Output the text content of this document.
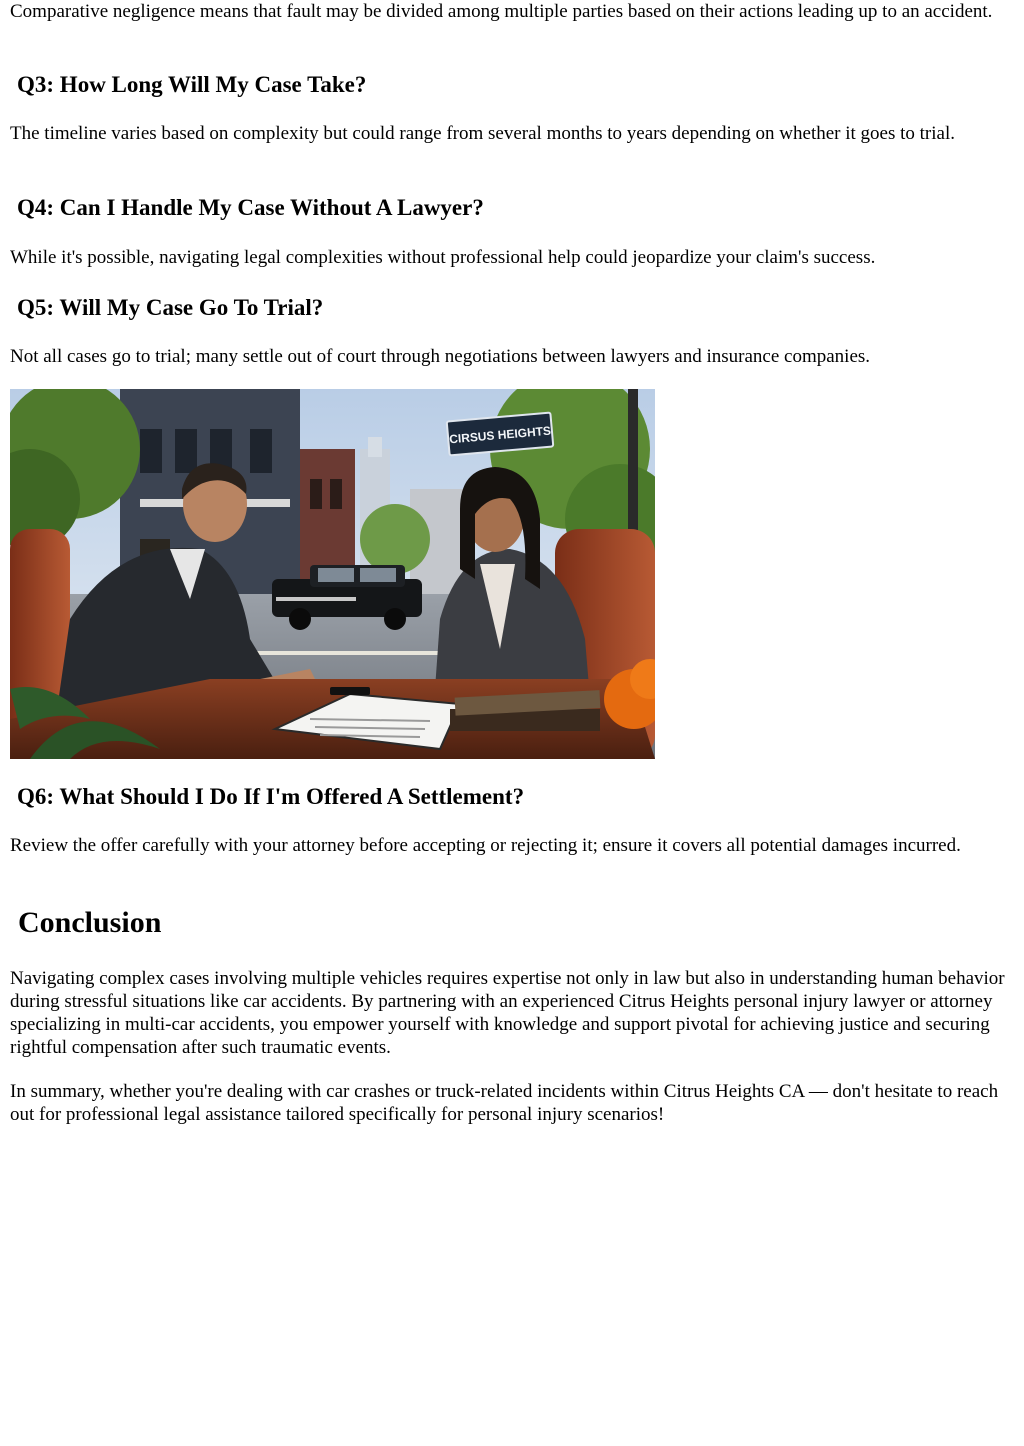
Comparative negligence means that fault may be divided among multiple parties based on their actions leading up to an accident.

Q3: How Long Will My Case Take?

The timeline varies based on complexity but could range from several months to years depending on whether it goes to trial.

Q4: Can I Handle My Case Without A Lawyer?

While it's possible, navigating legal complexities without professional help could jeopardize your claim's success.

Q5: Will My Case Go To Trial?

Not all cases go to trial; many settle out of court through negotiations between lawyers and insurance companies.

CIRSUS HEIGHTS
Q6: What Should I Do If I'm Offered A Settlement?

Review the offer carefully with your attorney before accepting or rejecting it; ensure it covers all potential damages incurred.

Conclusion

Navigating complex cases involving multiple vehicles requires expertise not only in law but also in understanding human behavior during stressful situations like car accidents. By partnering with an experienced Citrus Heights personal injury lawyer or attorney specializing in multi-car accidents, you empower yourself with knowledge and support pivotal for achieving justice and securing rightful compensation after such traumatic events.

In summary, whether you're dealing with car crashes or truck-related incidents within Citrus Heights CA — don't hesitate to reach out for professional legal assistance tailored specifically for personal injury scenarios!
